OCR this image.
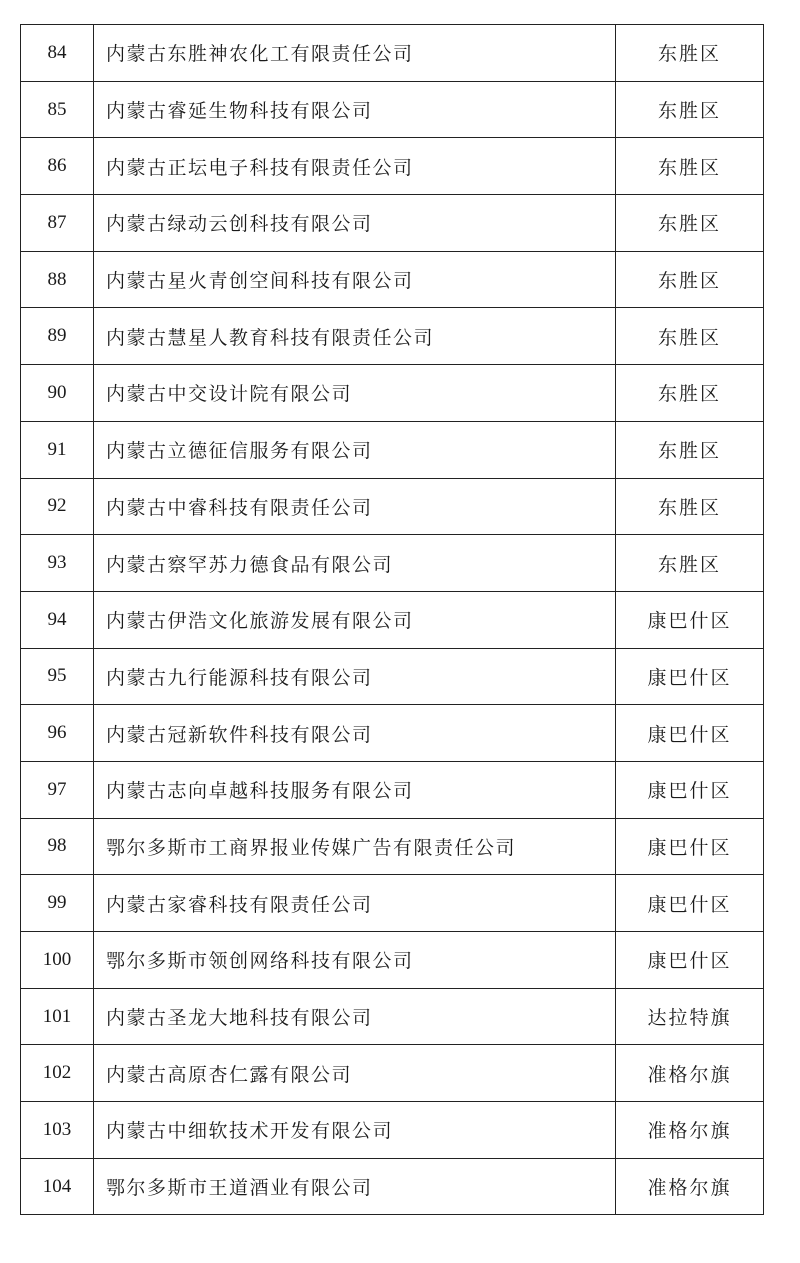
84	内蒙古东胜神农化工有限责任公司	东胜区
85	内蒙古睿延生物科技有限公司	东胜区
86	内蒙古正坛电子科技有限责任公司	东胜区
87	内蒙古绿动云创科技有限公司	东胜区
88	内蒙古星火青创空间科技有限公司	东胜区
89	内蒙古慧星人教育科技有限责任公司	东胜区
90	内蒙古中交设计院有限公司	东胜区
91	内蒙古立德征信服务有限公司	东胜区
92	内蒙古中睿科技有限责任公司	东胜区
93	内蒙古察罕苏力德食品有限公司	东胜区
94	内蒙古伊浩文化旅游发展有限公司	康巴什区
95	内蒙古九行能源科技有限公司	康巴什区
96	内蒙古冠新软件科技有限公司	康巴什区
97	内蒙古志向卓越科技服务有限公司	康巴什区
98	鄂尔多斯市工商界报业传媒广告有限责任公司	康巴什区
99	内蒙古家睿科技有限责任公司	康巴什区
100	鄂尔多斯市领创网络科技有限公司	康巴什区
101	内蒙古圣龙大地科技有限公司	达拉特旗
102	内蒙古高原杏仁露有限公司	准格尔旗
103	内蒙古中细软技术开发有限公司	准格尔旗
104	鄂尔多斯市王道酒业有限公司	准格尔旗
